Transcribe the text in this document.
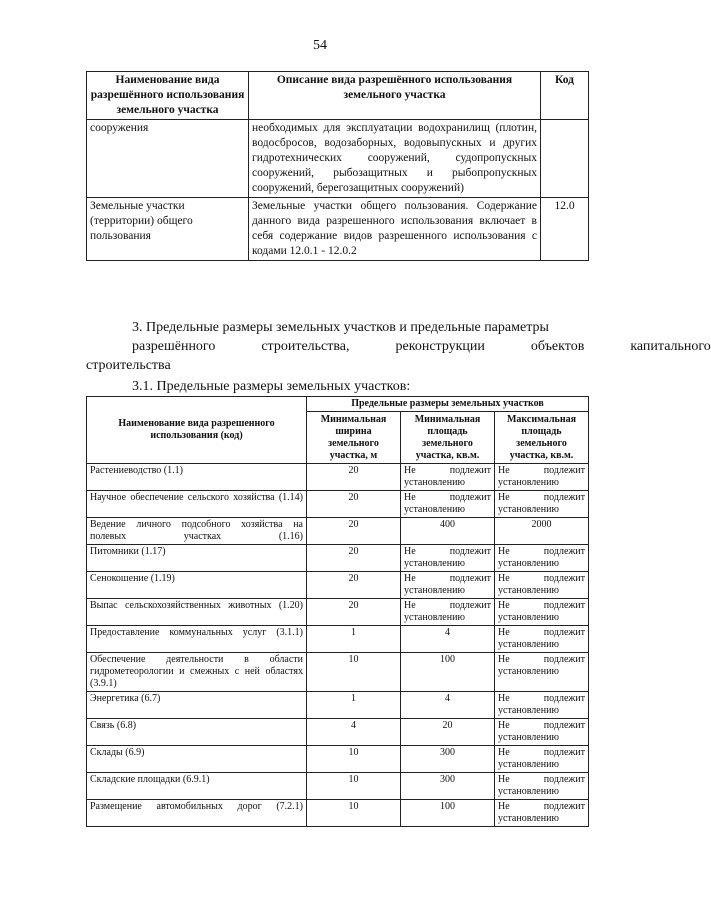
54
Наименование вида разрешённого использования земельного участка	Описание вида разрешённого использования земельного участка	Код
сооружения	необходимых для эксплуатации водохранилищ (плотин, водосбросов, водозаборных, водовыпускных и других гидротехнических сооружений, судопропускных сооружений, рыбозащитных и рыбопропускных сооружений, берегозащитных сооружений)	
Земельные участки (территории) общего пользования	Земельные участки общего пользования. Содержание данного вида разрешенного использования включает в себя содержание видов разрешенного использования с кодами 12.0.1 - 12.0.2	12.0
3. Предельные размеры земельных участков и предельные параметры
разрешённого	строительства,	реконструкции	объектов	капитального
строительства
3.1. Предельные размеры земельных участков:
Наименование вида разрешенного использования (код)	Предельные размеры земельных участков		
	Минимальная ширина земельного участка, м	Минимальная площадь земельного участка, кв.м.	Максимальная площадь земельного участка, кв.м.
Растениеводство (1.1)	20	Не подлежит установлению	Не подлежит установлению
Научное обеспечение сельского хозяйства (1.14)	20	Не подлежит установлению	Не подлежит установлению
Ведение личного подсобного хозяйства на полевых участках (1.16)	20	400	2000
Питомники (1.17)	20	Не подлежит установлению	Не подлежит установлению
Сенокошение (1.19)	20	Не подлежит установлению	Не подлежит установлению
Выпас сельскохозяйственных животных (1.20)	20	Не подлежит установлению	Не подлежит установлению
Предоставление коммунальных услуг (3.1.1)	1	4	Не подлежит установлению
Обеспечение деятельности в области гидрометеорологии и смежных с ней областях (3.9.1)	10	100	Не подлежит установлению
Энергетика (6.7)	1	4	Не подлежит установлению
Связь (6.8)	4	20	Не подлежит установлению
Склады (6.9)	10	300	Не подлежит установлению
Складские площадки (6.9.1)	10	300	Не подлежит установлению
Размещение автомобильных дорог (7.2.1)	10	100	Не подлежит установлению
